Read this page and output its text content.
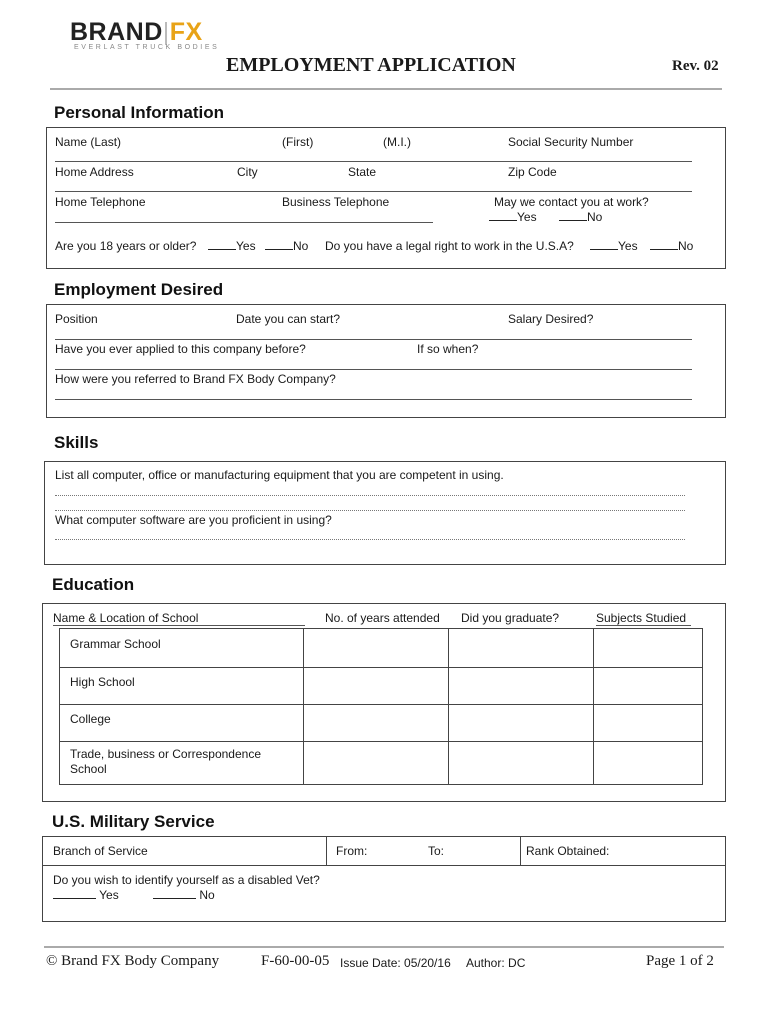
BRAND|FX
EVERLAST TRUCK BODIES
EMPLOYMENT APPLICATION	Rev. 02
Personal Information
Name (Last)	(First)	(M.I.)	Social Security Number
Home Address	City	State	Zip Code
Home Telephone	Business Telephone	May we contact you at work?
Yes	No
Are you 18 years or older?	Yes	No Do you have a legal right to work in the U.S.A?	Yes	No
Employment Desired
Position	Date you can start?	Salary Desired?
Have you ever applied to this company before?	If so when?
How were you referred to Brand FX Body Company?
Skills
List all computer, office or manufacturing equipment that you are competent in using.
What computer software are you proficient in using?
Education
Name & Location of School	No. of years attended Did you graduate?	Subjects Studied
Grammar School
High School
College
Trade, business or Correspondence School
U.S. Military Service
Branch of Service	From:	To:	Rank Obtained:
Do you wish to identify yourself as a disabled Vet?
Yes	No
© Brand FX Body Company	F-60-00-05 Issue Date: 05/20/16 Author: DC	Page 1 of 2
